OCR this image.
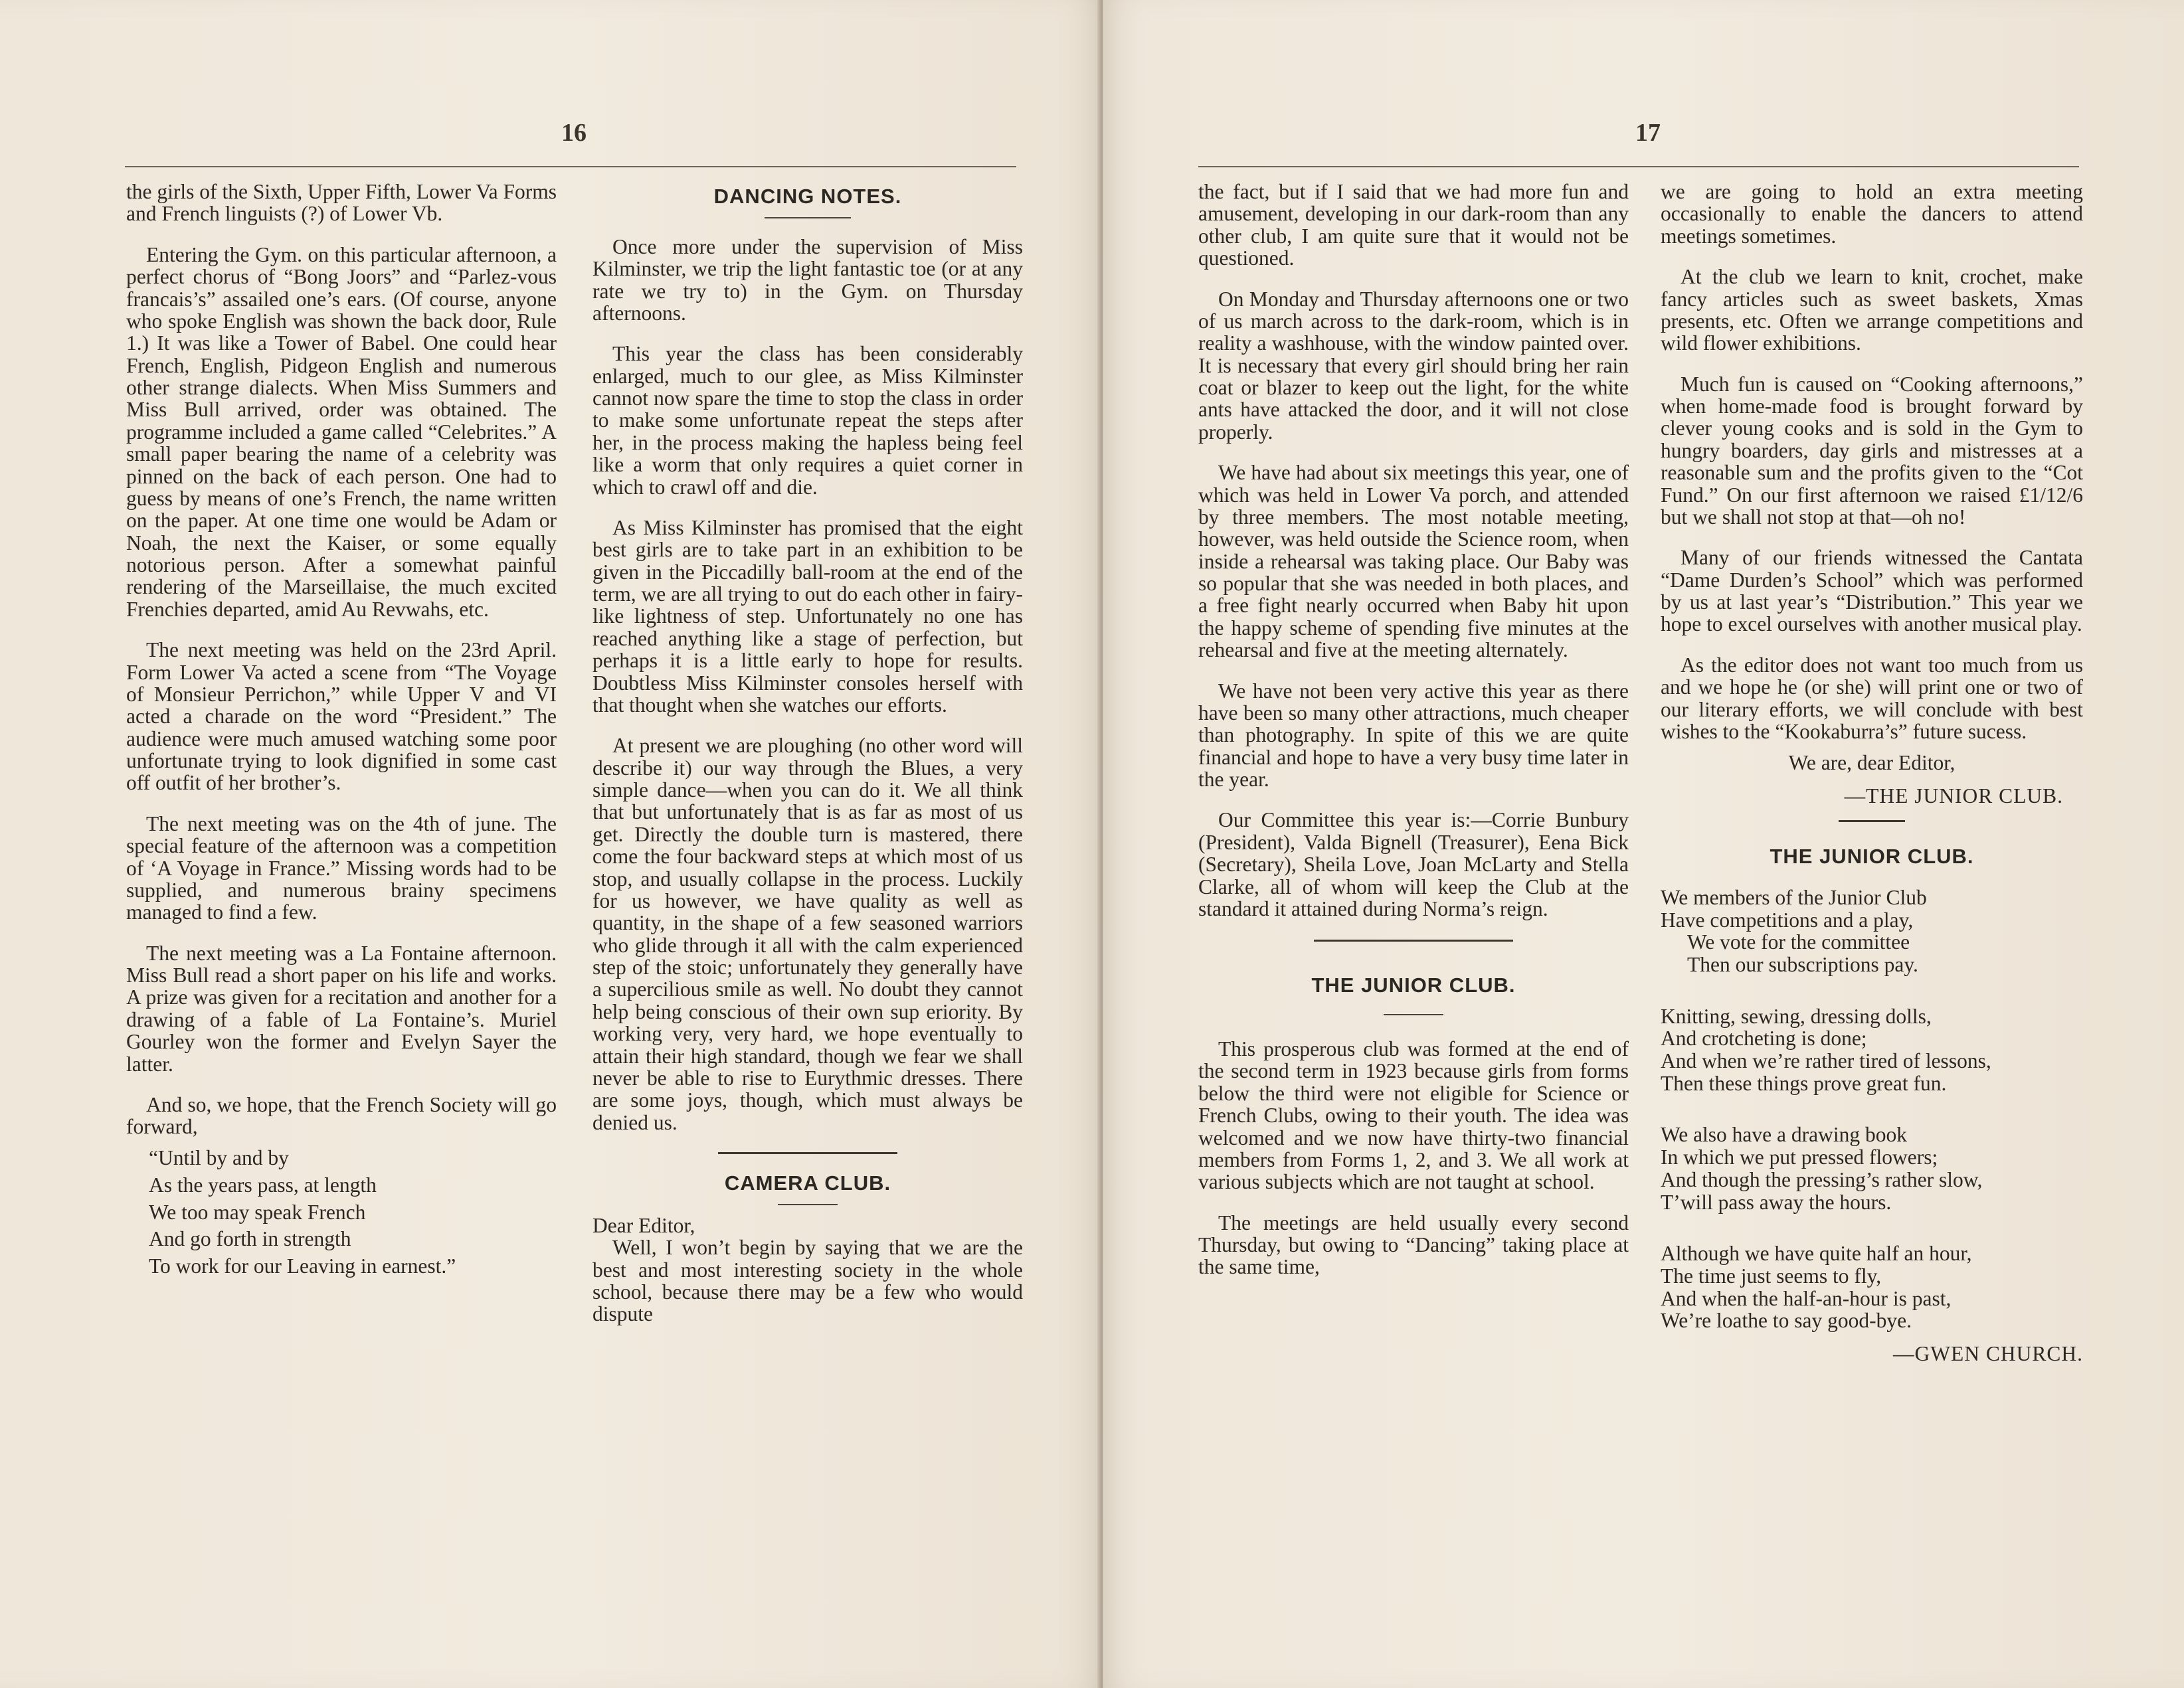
16

the girls of the Sixth, Upper Fifth, Lower Va Forms and French linguists (?) of Lower Vb.

Entering the Gym. on this particular afternoon, a perfect chorus of “Bong Joors” and “Parlez-vous francais’s” assailed one’s ears. (Of course, anyone who spoke English was shown the back door, Rule 1.) It was like a Tower of Babel. One could hear French, English, Pidgeon English and numerous other strange dialects. When Miss Summers and Miss Bull arrived, order was obtained. The programme included a game called “Celebrites.” A small paper bearing the name of a celebrity was pinned on the back of each person. One had to guess by means of one’s French, the name written on the paper. At one time one would be Adam or Noah, the next the Kaiser, or some equally notorious person. After a somewhat painful rendering of the Marseillaise, the much excited Frenchies departed, amid Au Revwahs, etc.

The next meeting was held on the 23rd April. Form Lower Va acted a scene from “The Voyage of Monsieur Perrichon,” while Upper V and VI acted a charade on the word “President.” The audience were much amused watching some poor unfortunate trying to look dignified in some cast off outfit of her brother’s.

The next meeting was on the 4th of june. The special feature of the afternoon was a competition of ‘A Voyage in France.” Missing words had to be supplied, and numerous brainy specimens managed to find a few.

The next meeting was a La Fontaine afternoon. Miss Bull read a short paper on his life and works. A prize was given for a recitation and another for a drawing of a fable of La Fontaine’s. Muriel Gourley won the former and Evelyn Sayer the latter.

And so, we hope, that the French Society will go forward,

“Until by and by
As the years pass, at length
We too may speak French
And go forth in strength
To work for our Leaving in earnest.”
DANCING NOTES.

Once more under the supervision of Miss Kilminster, we trip the light fantastic toe (or at any rate we try to) in the Gym. on Thursday afternoons.

This year the class has been considerably enlarged, much to our glee, as Miss Kilminster cannot now spare the time to stop the class in order to make some unfortunate repeat the steps after her, in the process making the hapless being feel like a worm that only requires a quiet corner in which to crawl off and die.

As Miss Kilminster has promised that the eight best girls are to take part in an exhibition to be given in the Piccadilly ball-room at the end of the term, we are all trying to out do each other in fairy-like lightness of step. Unfortunately no one has reached anything like a stage of perfection, but perhaps it is a little early to hope for results. Doubtless Miss Kilminster consoles herself with that thought when she watches our efforts.

At present we are ploughing (no other word will describe it) our way through the Blues, a very simple dance—when you can do it. We all think that but unfortunately that is as far as most of us get. Directly the double turn is mastered, there come the four backward steps at which most of us stop, and usually collapse in the process. Luckily for us however, we have quality as well as quantity, in the shape of a few seasoned warriors who glide through it all with the calm experienced step of the stoic; unfortunately they generally have a supercilious smile as well. No doubt they cannot help being conscious of their own sup eriority. By working very, very hard, we hope eventually to attain their high standard, though we fear we shall never be able to rise to Eurythmic dresses. There are some joys, though, which must always be denied us.

CAMERA CLUB.

Dear Editor,

Well, I won’t begin by saying that we are the best and most interesting society in the whole school, because there may be a few who would dispute

17

the fact, but if I said that we had more fun and amusement, developing in our dark-room than any other club, I am quite sure that it would not be questioned.

On Monday and Thursday afternoons one or two of us march across to the dark-room, which is in reality a washhouse, with the window painted over. It is necessary that every girl should bring her rain coat or blazer to keep out the light, for the white ants have attacked the door, and it will not close properly.

We have had about six meetings this year, one of which was held in Lower Va porch, and attended by three members. The most notable meeting, however, was held outside the Science room, when inside a rehearsal was taking place. Our Baby was so popular that she was needed in both places, and a free fight nearly occurred when Baby hit upon the happy scheme of spending five minutes at the rehearsal and five at the meeting alternately.

We have not been very active this year as there have been so many other attractions, much cheaper than photography. In spite of this we are quite financial and hope to have a very busy time later in the year.

Our Committee this year is:—Corrie Bunbury (President), Valda Bignell (Treasurer), Eena Bick (Secretary), Sheila Love, Joan McLarty and Stella Clarke, all of whom will keep the Club at the standard it attained during Norma’s reign.

THE JUNIOR CLUB.

This prosperous club was formed at the end of the second term in 1923 because girls from forms below the third were not eligible for Science or French Clubs, owing to their youth. The idea was welcomed and we now have thirty-two financial members from Forms 1, 2, and 3. We all work at various subjects which are not taught at school.

The meetings are held usually every second Thursday, but owing to “Dancing” taking place at the same time,

we are going to hold an extra meeting occasionally to enable the dancers to attend meetings sometimes.

At the club we learn to knit, crochet, make fancy articles such as sweet baskets, Xmas presents, etc. Often we arrange competitions and wild flower exhibitions.

Much fun is caused on “Cooking afternoons,” when home-made food is brought forward by clever young cooks and is sold in the Gym to hungry boarders, day girls and mistresses at a reasonable sum and the profits given to the “Cot Fund.” On our first afternoon we raised £1/12/6 but we shall not stop at that—oh no!

Many of our friends witnessed the Cantata “Dame Durden’s School” which was performed by us at last year’s “Distribution.” This year we hope to excel ourselves with another musical play.

As the editor does not want too much from us and we hope he (or she) will print one or two of our literary efforts, we will conclude with best wishes to the “Kookaburra’s” future sucess.

We are, dear Editor,
—THE JUNIOR CLUB.
THE JUNIOR CLUB.
We members of the Junior Club
Have competitions and a play,
We vote for the committee
Then our subscriptions pay.
Knitting, sewing, dressing dolls,
And crotcheting is done;
And when we’re rather tired of lessons,
Then these things prove great fun.
We also have a drawing book
In which we put pressed flowers;
And though the pressing’s rather slow,
T’will pass away the hours.
Although we have quite half an hour,
The time just seems to fly,
And when the half-an-hour is past,
We’re loathe to say good-bye.
—GWEN CHURCH.
